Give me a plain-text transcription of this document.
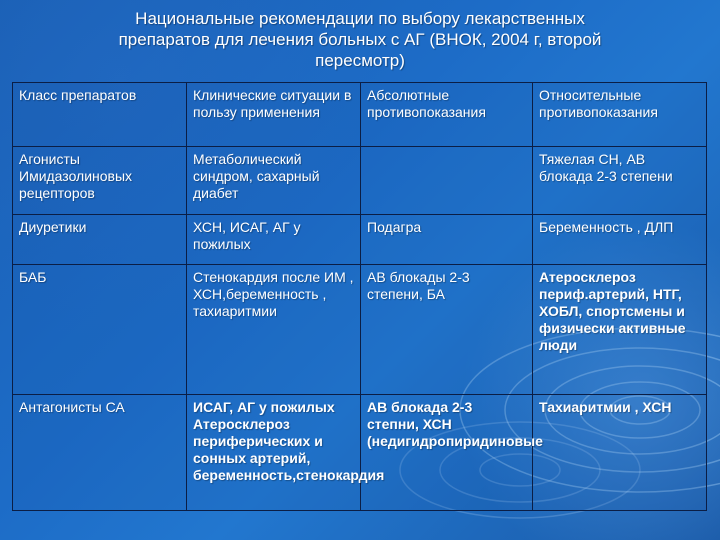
Национальные рекомендации по выбору лекарственных
препаратов для лечения больных с АГ (ВНОК, 2004 г, второй
пересмотр)
Класс препаратов	Клинические ситуации в пользу применения	Абсолютные противопоказания	Относительные противопоказания
Агонисты Имидазолиновых рецепторов	Метаболический синдром, сахарный диабет		Тяжелая СН, АВ блокада 2-3 степени
Диуретики	ХСН, ИСАГ, АГ у пожилых	Подагра	Беременность , ДЛП
БАБ	Стенокардия после ИМ , ХСН,беременность , тахиаритмии	АВ блокады 2-3 степени, БА	Атеросклероз периф.артерий, НТГ, ХОБЛ, спортсмены и физически активные люди
Антагонисты СА	ИСАГ, АГ у пожилых Атеросклероз периферических и сонных артерий, беременность,стенокардия	АВ блокада 2-3 степни, ХСН (недигидропиридиновые	Тахиаритмии , ХСН
